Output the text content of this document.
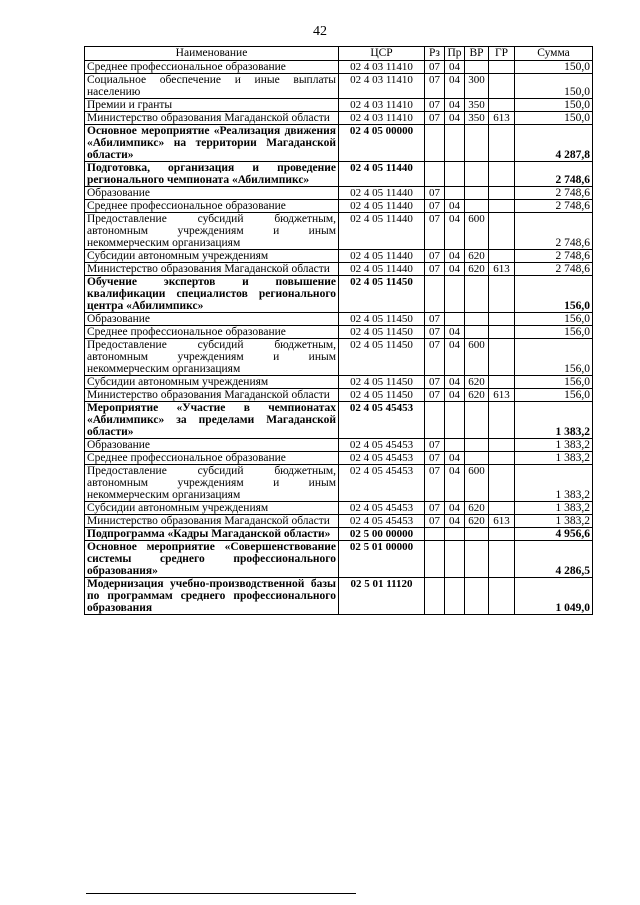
42
Наименование	ЦСР	Рз	Пр	ВР	ГР	Сумма
Среднее профессиональное образование	02 4 03 11410	07	04			150,0
Социальное обеспечение и иные выплаты населению	02 4 03 11410	07	04	300		150,0
Премии и гранты	02 4 03 11410	07	04	350		150,0
Министерство образования Магаданской области	02 4 03 11410	07	04	350	613	150,0
Основное мероприятие «Реализация движения «Абилимпикс» на территории Магаданской области»	02 4 05 00000					4 287,8
Подготовка, организация и проведение регионального чемпионата «Абилимпикс»	02 4 05 11440					2 748,6
Образование	02 4 05 11440	07				2 748,6
Среднее профессиональное образование	02 4 05 11440	07	04			2 748,6
Предоставление субсидий бюджетным, автономным учреждениям и иным некоммерческим организациям	02 4 05 11440	07	04	600		2 748,6
Субсидии автономным учреждениям	02 4 05 11440	07	04	620		2 748,6
Министерство образования Магаданской области	02 4 05 11440	07	04	620	613	2 748,6
Обучение экспертов и повышение квалификации специалистов регионального центра «Абилимпикс»	02 4 05 11450					156,0
Образование	02 4 05 11450	07				156,0
Среднее профессиональное образование	02 4 05 11450	07	04			156,0
Предоставление субсидий бюджетным, автономным учреждениям и иным некоммерческим организациям	02 4 05 11450	07	04	600		156,0
Субсидии автономным учреждениям	02 4 05 11450	07	04	620		156,0
Министерство образования Магаданской области	02 4 05 11450	07	04	620	613	156,0
Мероприятие «Участие в чемпионатах «Абилимпикс» за пределами Магаданской области»	02 4 05 45453					1 383,2
Образование	02 4 05 45453	07				1 383,2
Среднее профессиональное образование	02 4 05 45453	07	04			1 383,2
Предоставление субсидий бюджетным, автономным учреждениям и иным некоммерческим организациям	02 4 05 45453	07	04	600		1 383,2
Субсидии автономным учреждениям	02 4 05 45453	07	04	620		1 383,2
Министерство образования Магаданской области	02 4 05 45453	07	04	620	613	1 383,2
Подпрограмма «Кадры Магаданской области»	02 5 00 00000					4 956,6
Основное мероприятие «Совершенствование системы среднего профессионального образования»	02 5 01 00000					4 286,5
Модернизация учебно-производственной базы по программам среднего профессионального образования	02 5 01 11120					1 049,0
